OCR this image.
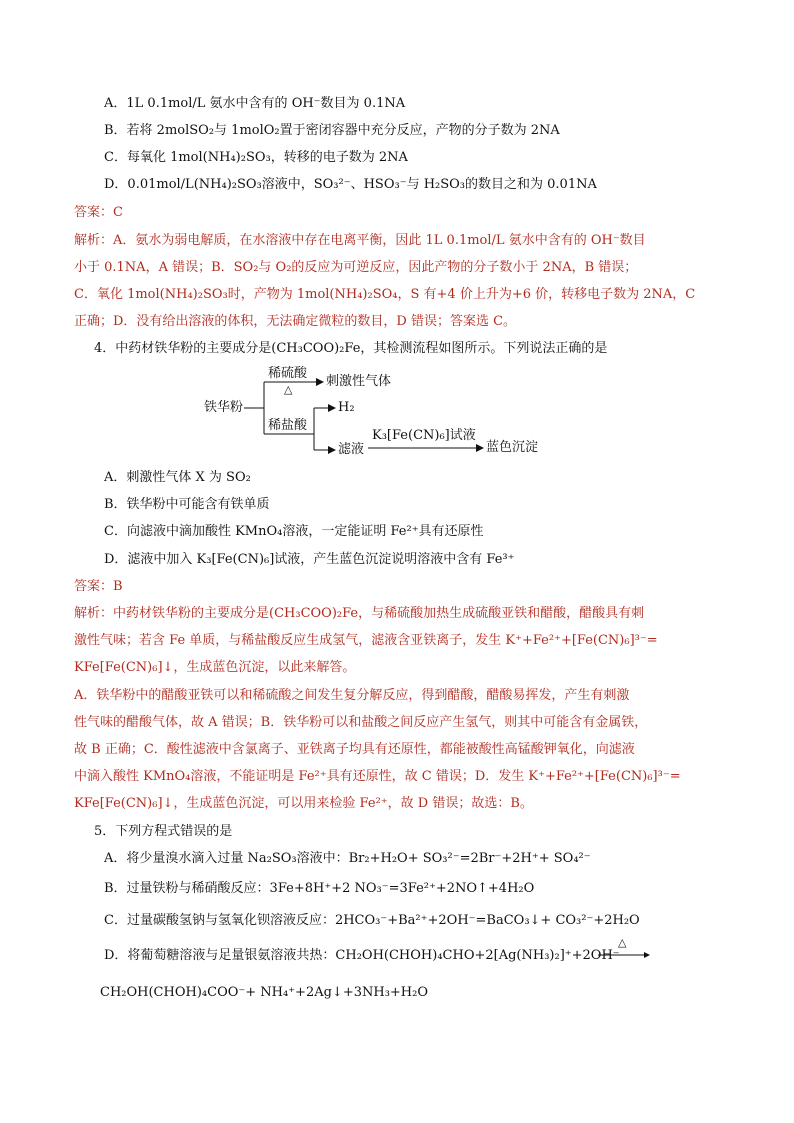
A．1L 0.1mol/L 氨水中含有的 OH⁻数目为 0.1NA
B．若将 2molSO₂与 1molO₂置于密闭容器中充分反应，产物的分子数为 2NA
C．每氧化 1mol(NH₄)₂SO₃，转移的电子数为 2NA
D．0.01mol/L(NH₄)₂SO₃溶液中，SO₃²⁻、HSO₃⁻与 H₂SO₃的数目之和为 0.01NA
答案：C
解析：A．氨水为弱电解质，在水溶液中存在电离平衡，因此 1L 0.1mol/L 氨水中含有的 OH⁻数目
小于 0.1NA，A 错误；B．SO₂与 O₂的反应为可逆反应，因此产物的分子数小于 2NA，B 错误；
C．氧化 1mol(NH₄)₂SO₃时，产物为 1mol(NH₄)₂SO₄，S 有+4 价上升为+6 价，转移电子数为 2NA，C
正确；D．没有给出溶液的体积，无法确定微粒的数目，D 错误；答案选 C。
4．中药材铁华粉的主要成分是(CH₃COO)₂Fe，其检测流程如图所示。下列说法正确的是
铁华粉
稀硫酸
△
刺激性气体
稀盐酸
H₂
滤液
K₃[Fe(CN)₆]试液
蓝色沉淀
A．刺激性气体 X 为 SO₂
B．铁华粉中可能含有铁单质
C．向滤液中滴加酸性 KMnO₄溶液，一定能证明 Fe²⁺具有还原性
D．滤液中加入 K₃[Fe(CN)₆]试液，产生蓝色沉淀说明溶液中含有 Fe³⁺
答案：B
解析：中药材铁华粉的主要成分是(CH₃COO)₂Fe，与稀硫酸加热生成硫酸亚铁和醋酸，醋酸具有刺
激性气味；若含 Fe 单质，与稀盐酸反应生成氢气，滤液含亚铁离子，发生 K⁺+Fe²⁺+[Fe(CN)₆]³⁻=
KFe[Fe(CN)₆]↓，生成蓝色沉淀，以此来解答。
A．铁华粉中的醋酸亚铁可以和稀硫酸之间发生复分解反应，得到醋酸，醋酸易挥发，产生有刺激
性气味的醋酸气体，故 A 错误；B．铁华粉可以和盐酸之间反应产生氢气，则其中可能含有金属铁，
故 B 正确；C．酸性滤液中含氯离子、亚铁离子均具有还原性，都能被酸性高锰酸钾氧化，向滤液
中滴入酸性 KMnO₄溶液，不能证明是 Fe²⁺具有还原性，故 C 错误；D．发生 K⁺+Fe²⁺+[Fe(CN)₆]³⁻=
KFe[Fe(CN)₆]↓，生成蓝色沉淀，可以用来检验 Fe²⁺，故 D 错误；故选：B。
5．下列方程式错误的是
A．将少量溴水滴入过量 Na₂SO₃溶液中：Br₂+H₂O+ SO₃²⁻=2Br⁻+2H⁺+ SO₄²⁻
B．过量铁粉与稀硝酸反应：3Fe+8H⁺+2 NO₃⁻=3Fe²⁺+2NO↑+4H₂O
C．过量碳酸氢钠与氢氧化钡溶液反应：2HCO₃⁻+Ba²⁺+2OH⁻=BaCO₃↓+ CO₃²⁻+2H₂O
D．将葡萄糖溶液与足量银氨溶液共热：CH₂OH(CHOH)₄CHO+2[Ag(NH₃)₂]⁺+2OH⁻
△
CH₂OH(CHOH)₄COO⁻+ NH₄⁺+2Ag↓+3NH₃+H₂O
